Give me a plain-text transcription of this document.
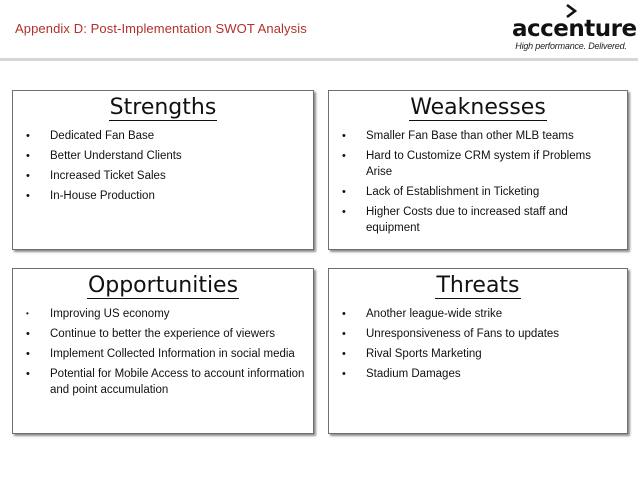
Appendix D: Post-Implementation SWOT Analysis	accenture
High performance. Delivered.
Strengths
• Dedicated Fan Base
• Better Understand Clients
• Increased Ticket Sales
• In-House Production
Weaknesses
• Smaller Fan Base than other MLB teams
• Hard to Customize CRM system if Problems Arise
• Lack of Establishment in Ticketing
• Higher Costs due to increased staff and equipment
Opportunities
• Improving US economy
• Continue to better the experience of viewers
• Implement Collected Information in social media
• Potential for Mobile Access to account information and point accumulation
Threats
• Another league-wide strike
• Unresponsiveness of Fans to updates
• Rival Sports Marketing
• Stadium Damages
